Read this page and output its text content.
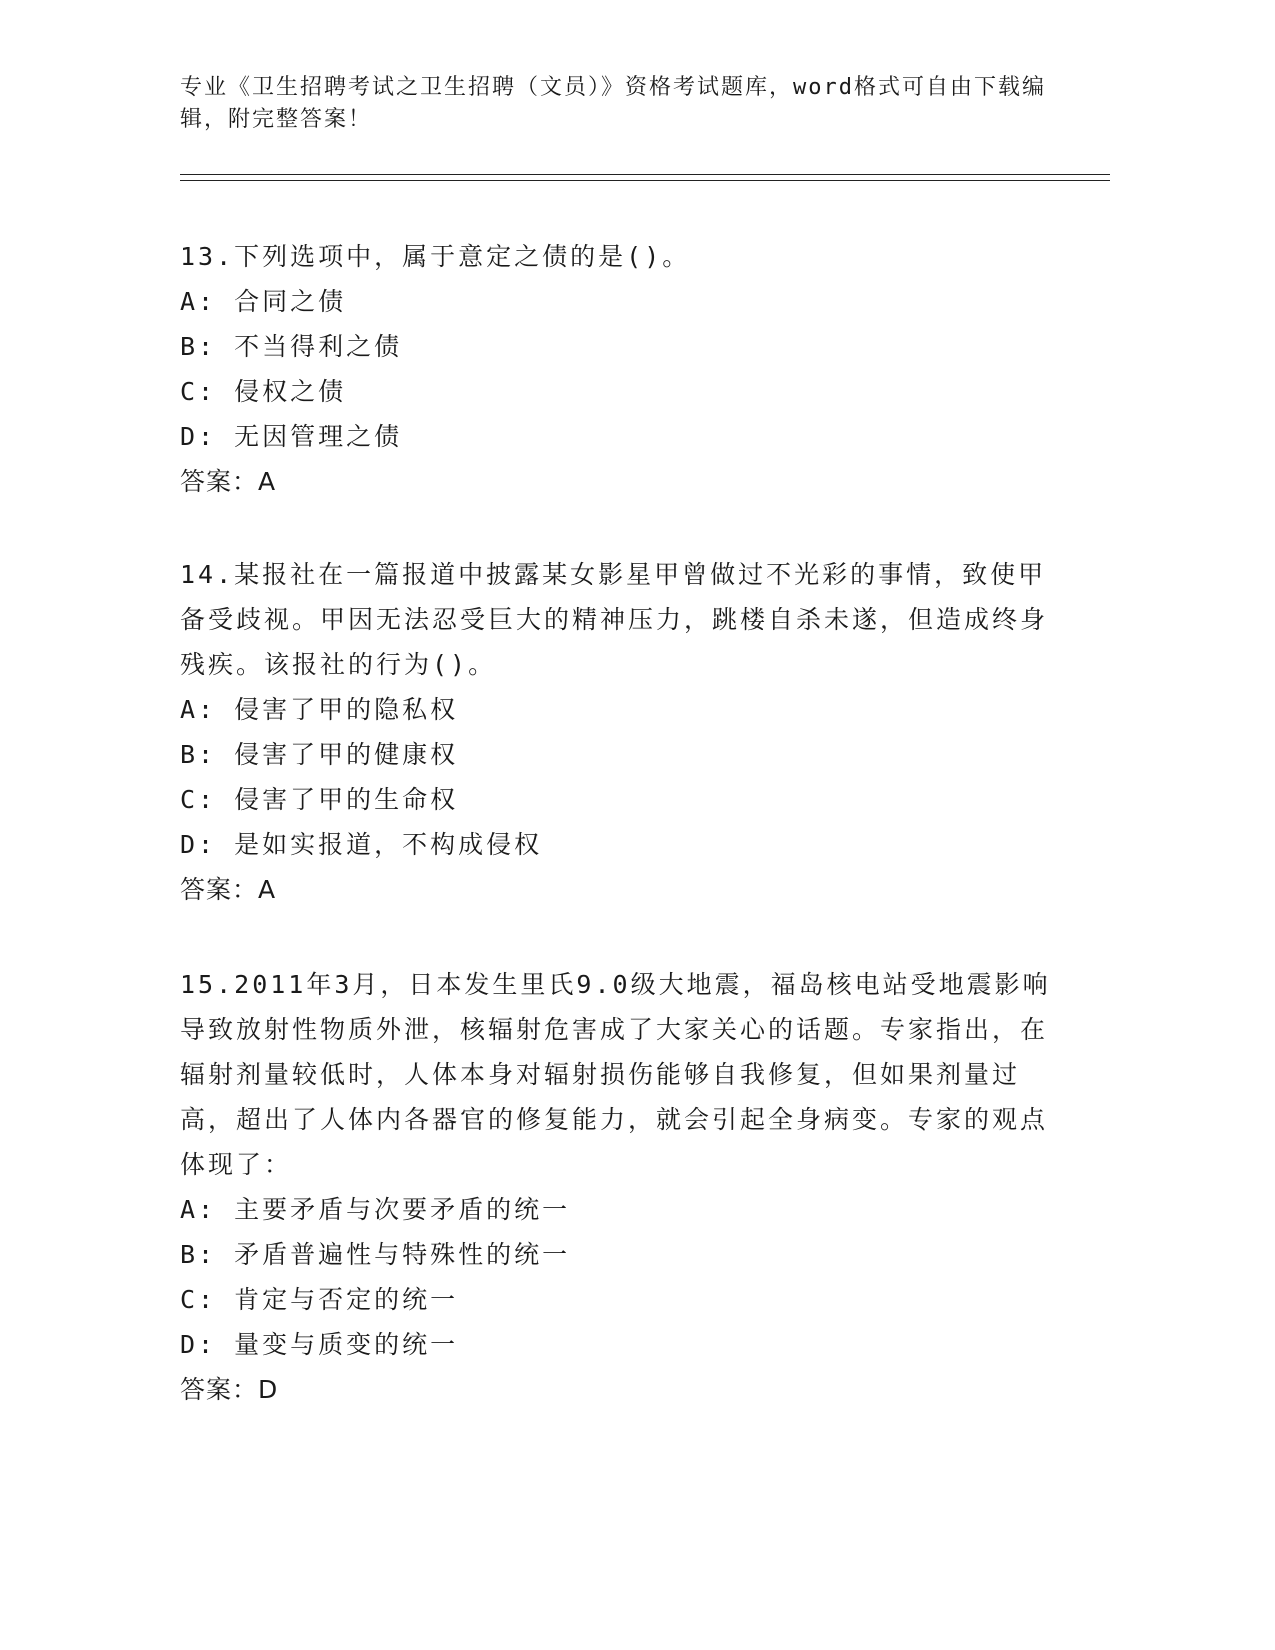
专业《卫生招聘考试之卫生招聘（文员）》资格考试题库，word格式可自由下载编辑，附完整答案！

13.下列选项中，属于意定之债的是()。

A: 合同之债

B: 不当得利之债

C: 侵权之债

D: 无因管理之债

答案：A

14.某报社在一篇报道中披露某女影星甲曾做过不光彩的事情，致使甲备受歧视。甲因无法忍受巨大的精神压力，跳楼自杀未遂，但造成终身残疾。该报社的行为()。

A: 侵害了甲的隐私权

B: 侵害了甲的健康权

C: 侵害了甲的生命权

D: 是如实报道，不构成侵权

答案：A

15.2011年3月，日本发生里氏9.0级大地震，福岛核电站受地震影响导致放射性物质外泄，核辐射危害成了大家关心的话题。专家指出，在辐射剂量较低时，人体本身对辐射损伤能够自我修复，但如果剂量过高，超出了人体内各器官的修复能力，就会引起全身病变。专家的观点体现了：

A: 主要矛盾与次要矛盾的统一

B: 矛盾普遍性与特殊性的统一

C: 肯定与否定的统一

D: 量变与质变的统一

答案：D
